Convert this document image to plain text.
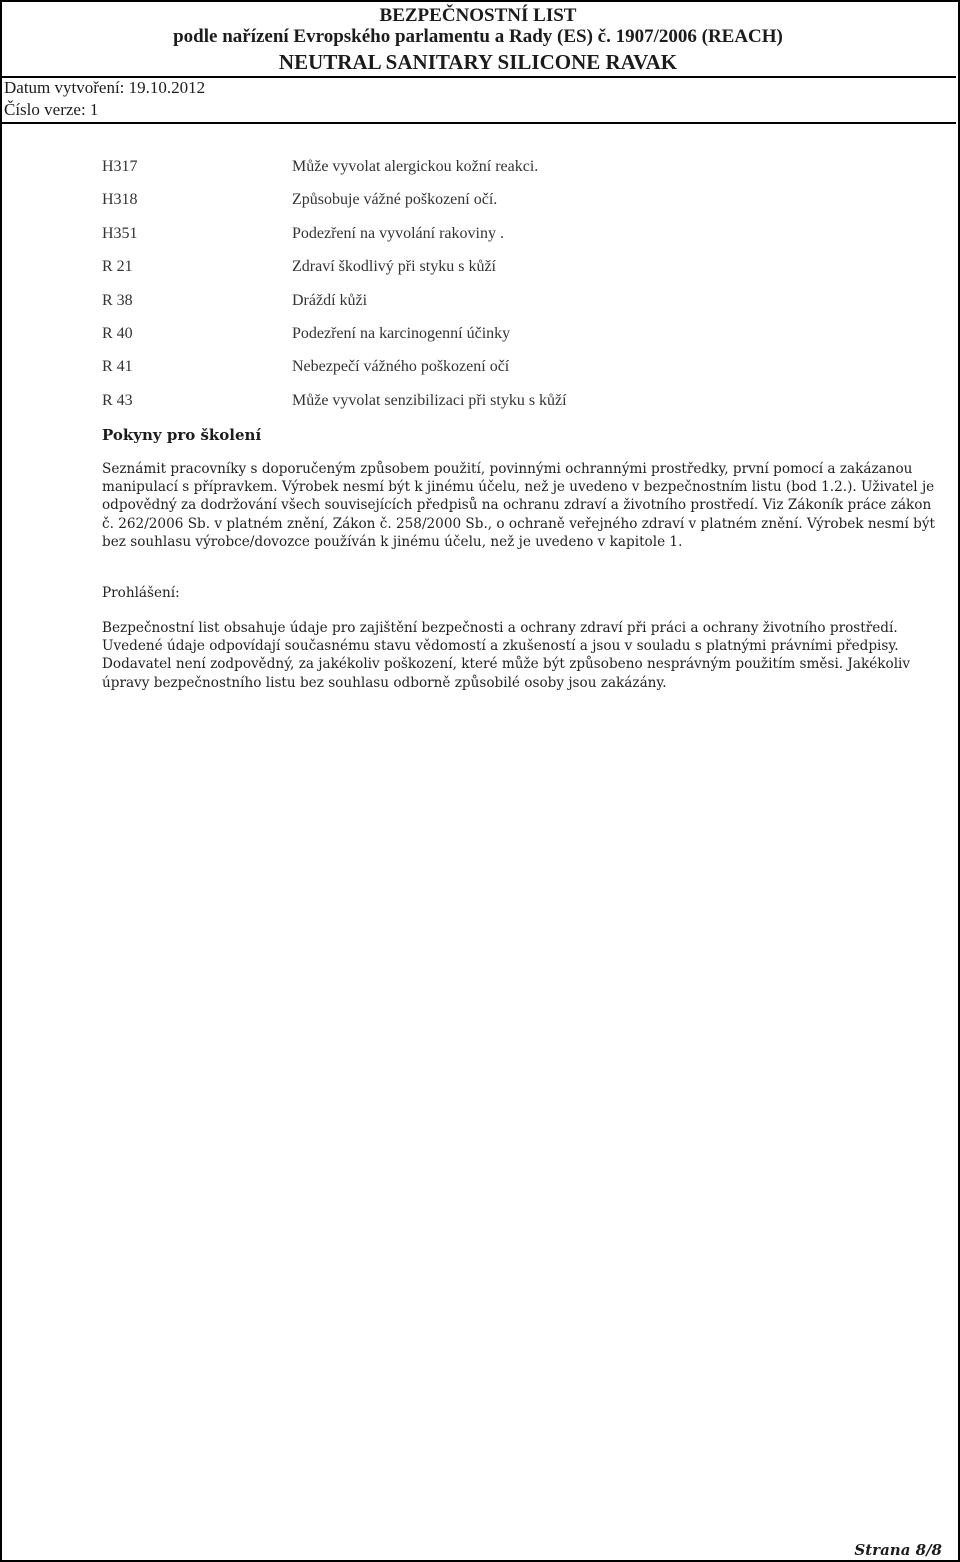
BEZPEČNOSTNÍ LIST
podle nařízení Evropského parlamentu a Rady (ES) č. 1907/2006 (REACH)
NEUTRAL SANITARY SILICONE RAVAK
Datum vytvoření: 19.10.2012
Číslo verze: 1
H317	Může vyvolat alergickou kožní reakci.
H318	Způsobuje vážné poškození očí.
H351	Podezření na vyvolání rakoviny .
R 21	Zdraví škodlivý při styku s kůží
R 38	Dráždí kůži
R 40	Podezření na karcinogenní účinky
R 41	Nebezpečí vážného poškození očí
R 43	Může vyvolat senzibilizaci při styku s kůží
Pokyny pro školení

Seznámit pracovníky s doporučeným způsobem použití, povinnými ochrannými prostředky, první pomocí a zakázanou manipulací s přípravkem. Výrobek nesmí být k jinému účelu, než je uvedeno v bezpečnostním listu (bod 1.2.). Uživatel je odpovědný za dodržování všech souvisejících předpisů na ochranu zdraví a životního prostředí. Viz Zákoník práce zákon č. 262/2006 Sb. v platném znění, Zákon č. 258/2000 Sb., o ochraně veřejného zdraví v platném znění. Výrobek nesmí být bez souhlasu výrobce/dovozce používán k jinému účelu, než je uvedeno v kapitole 1.

Prohlášení:

Bezpečnostní list obsahuje údaje pro zajištění bezpečnosti a ochrany zdraví při práci a ochrany životního prostředí. Uvedené údaje odpovídají současnému stavu vědomostí a zkušeností a jsou v souladu s platnými právními předpisy. Dodavatel není zodpovědný, za jakékoliv poškození, které může být způsobeno nesprávným použitím směsi. Jakékoliv úpravy bezpečnostního listu bez souhlasu odborně způsobilé osoby jsou zakázány.

Strana 8/8
